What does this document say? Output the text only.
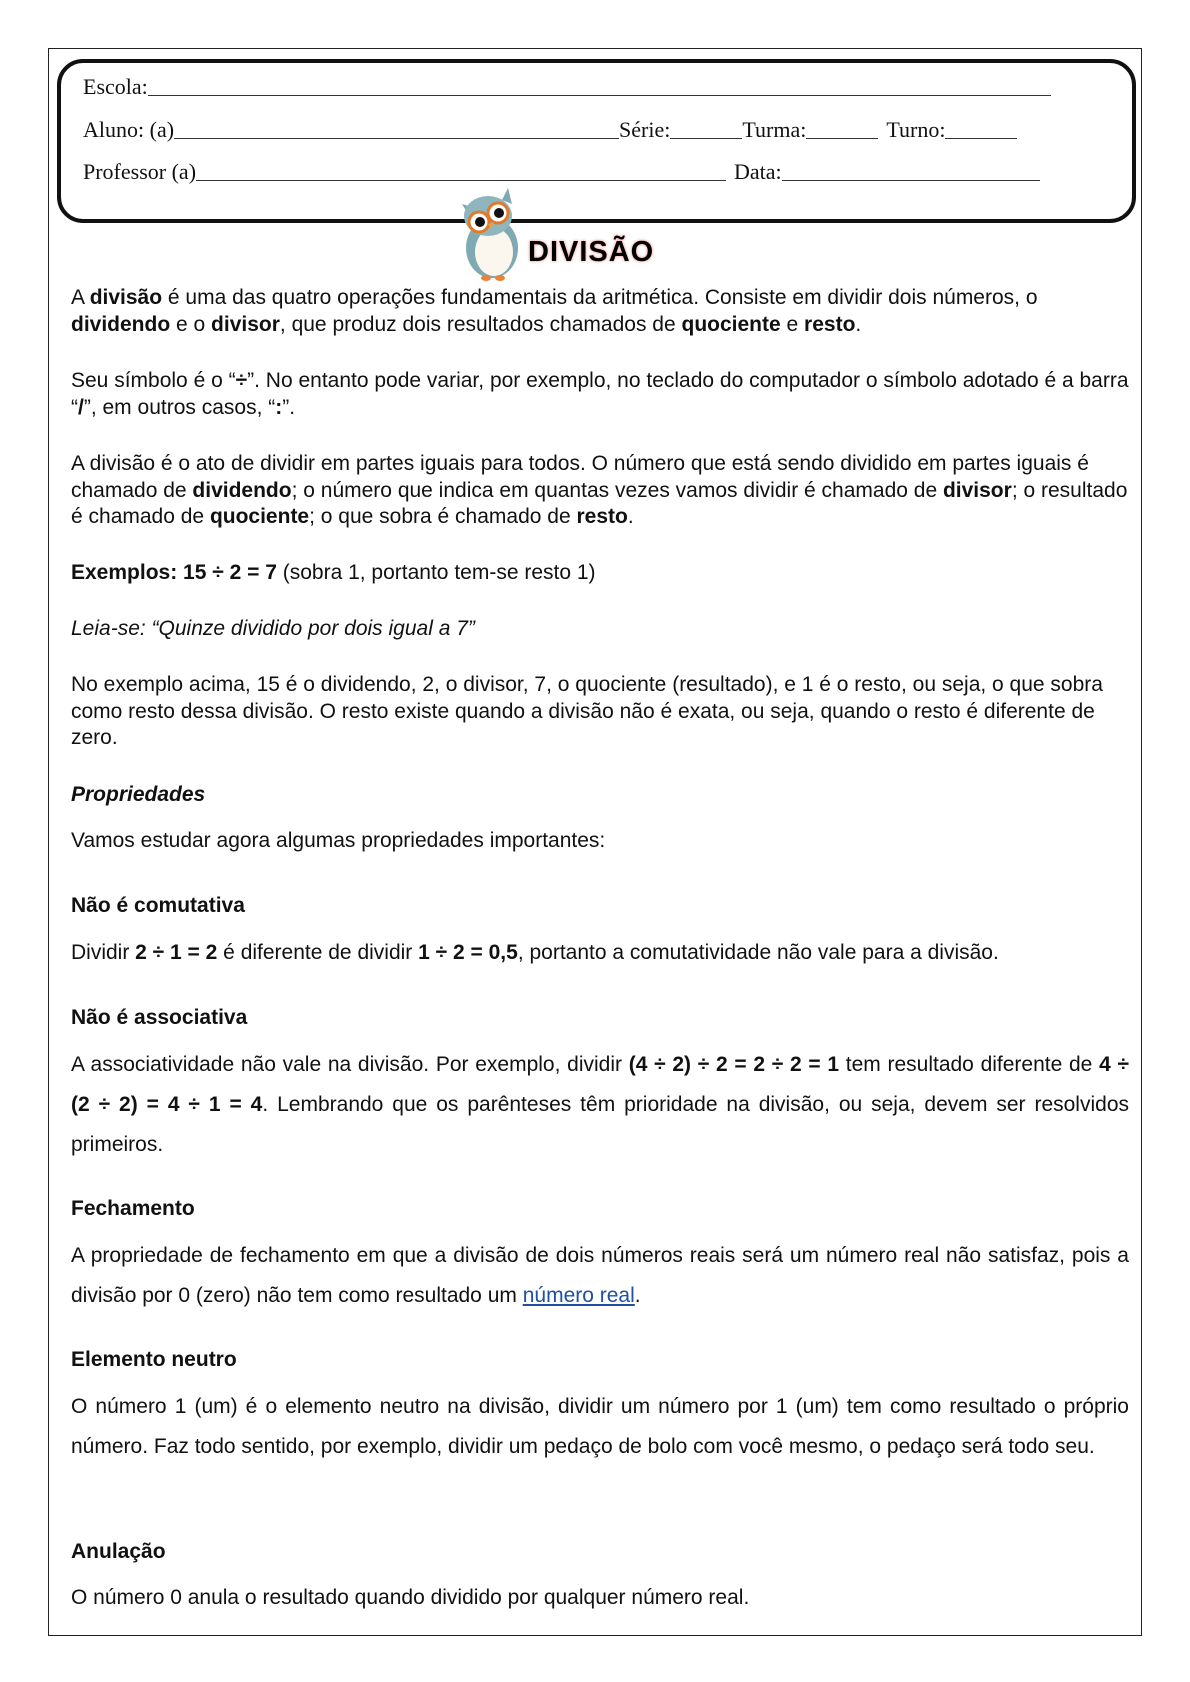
Escola:
Aluno: (a)	Série:	Turma:	Turno:
Professor (a)	Data:
DIVISÃO
A divisão é uma das quatro operações fundamentais da aritmética. Consiste em dividir dois números, o dividendo e o divisor, que produz dois resultados chamados de quociente e resto.
Seu símbolo é o “÷”. No entanto pode variar, por exemplo, no teclado do computador o símbolo adotado é a barra “/”, em outros casos, “:”.
A divisão é o ato de dividir em partes iguais para todos. O número que está sendo dividido em partes iguais é chamado de dividendo; o número que indica em quantas vezes vamos dividir é chamado de divisor; o resultado é chamado de quociente; o que sobra é chamado de resto.
Exemplos: 15 ÷ 2 = 7 (sobra 1, portanto tem-se resto 1)
Leia-se: “Quinze dividido por dois igual a 7”
No exemplo acima, 15 é o dividendo, 2, o divisor, 7, o quociente (resultado), e 1 é o resto, ou seja, o que sobra como resto dessa divisão. O resto existe quando a divisão não é exata, ou seja, quando o resto é diferente de zero.
Propriedades
Vamos estudar agora algumas propriedades importantes:
Não é comutativa
Dividir 2 ÷ 1 = 2 é diferente de dividir 1 ÷ 2 = 0,5, portanto a comutatividade não vale para a divisão.
Não é associativa
A associatividade não vale na divisão. Por exemplo, dividir (4 ÷ 2) ÷ 2 = 2 ÷ 2 = 1 tem resultado diferente de 4 ÷ (2 ÷ 2) = 4 ÷ 1 = 4. Lembrando que os parênteses têm prioridade na divisão, ou seja, devem ser resolvidos primeiros.
Fechamento
A propriedade de fechamento em que a divisão de dois números reais será um número real não satisfaz, pois a divisão por 0 (zero) não tem como resultado um número real.
Elemento neutro
O número 1 (um) é o elemento neutro na divisão, dividir um número por 1 (um) tem como resultado o próprio número. Faz todo sentido, por exemplo, dividir um pedaço de bolo com você mesmo, o pedaço será todo seu.
Anulação
O número 0 anula o resultado quando dividido por qualquer número real.
